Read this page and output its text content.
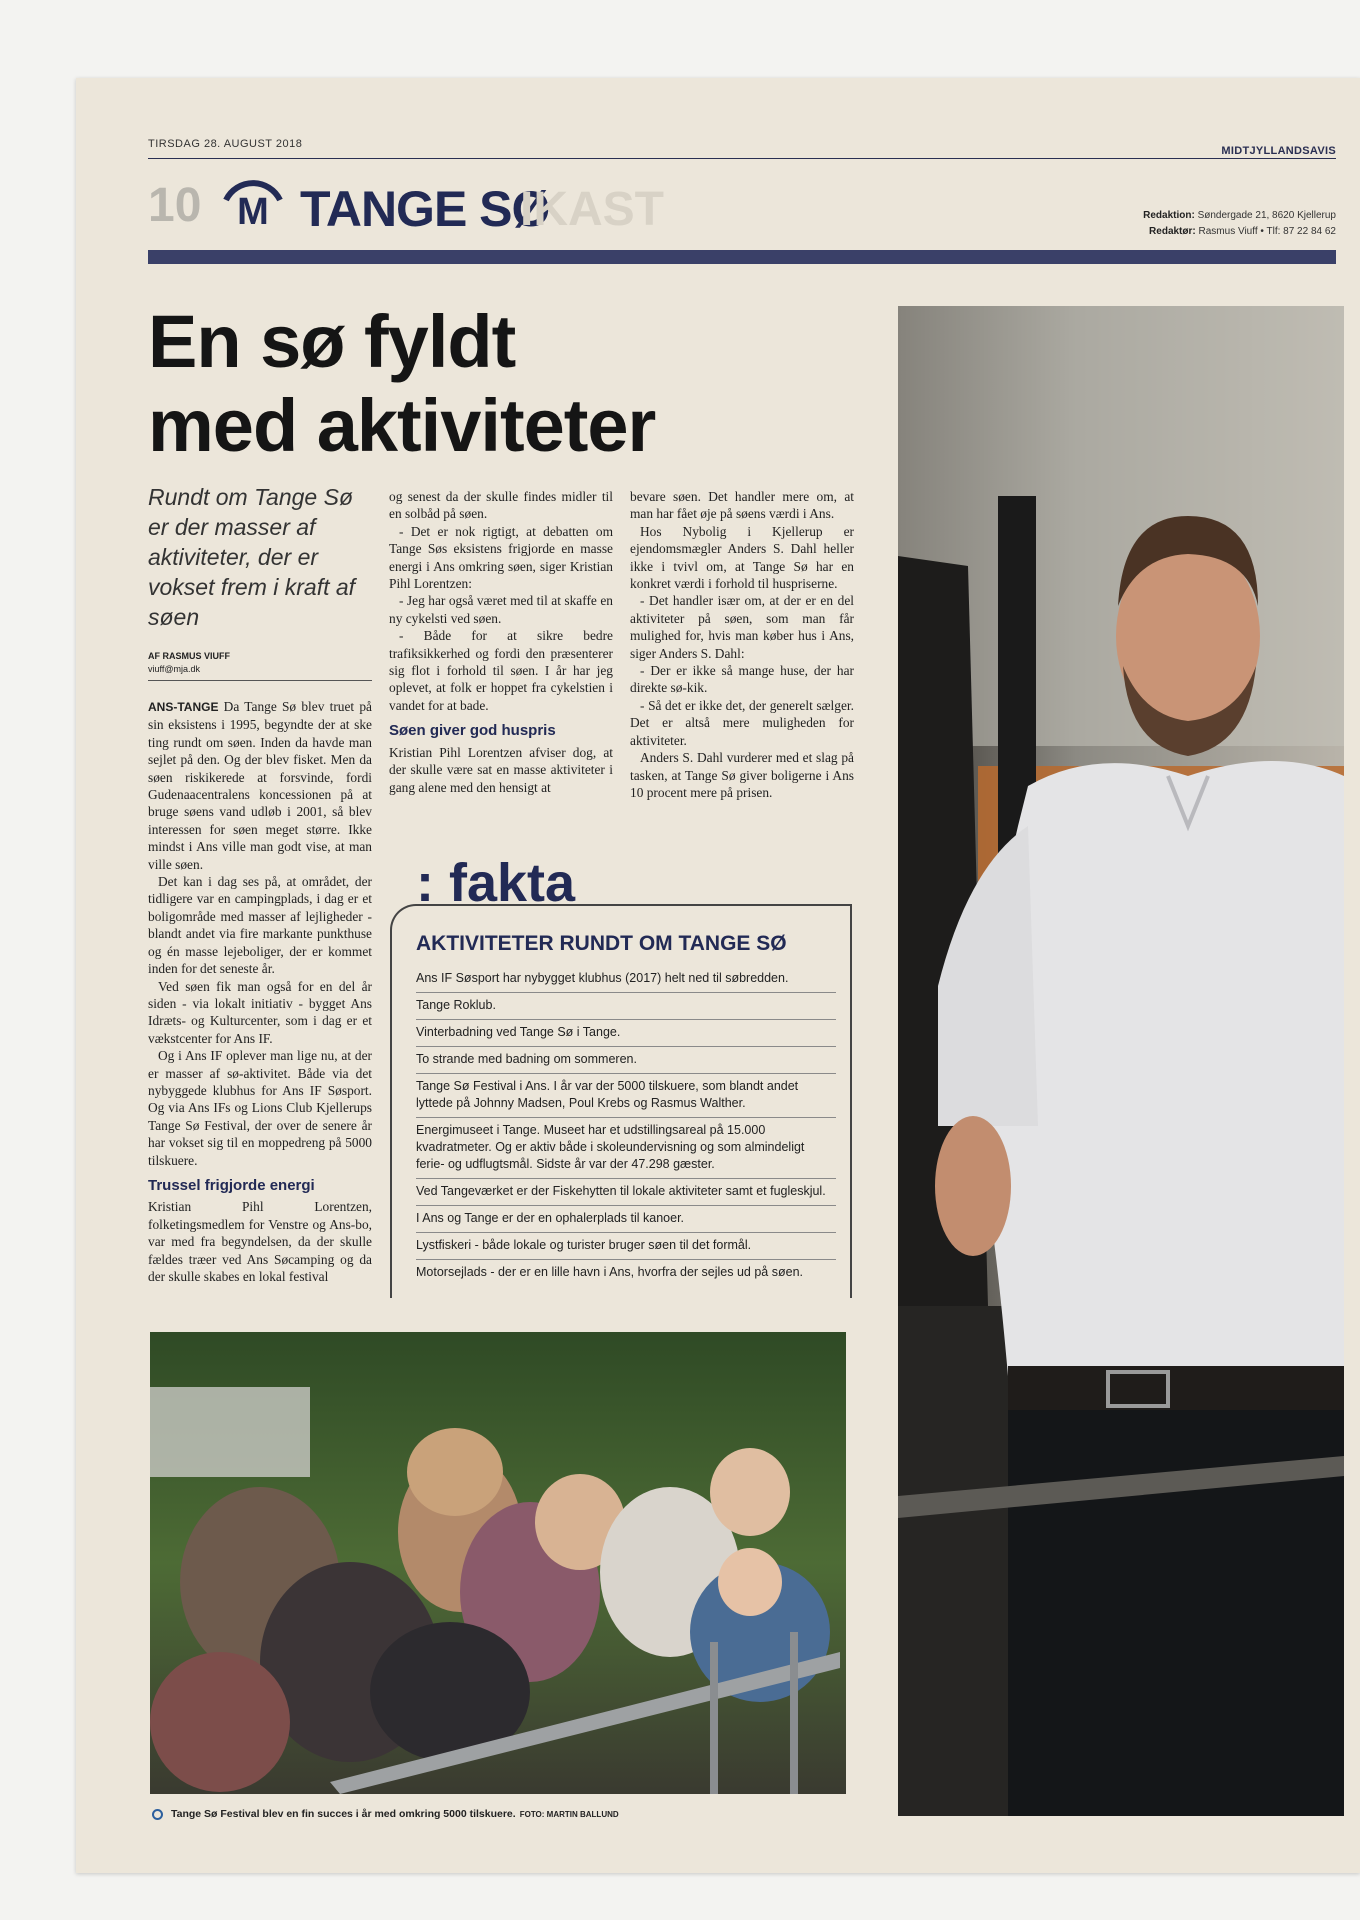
TIRSDAG 28. AUGUST 2018
MIDTJYLLANDSAVIS
10 M TANGE SØ
IKAST	Redaktion: Søndergade 21, 8620 Kjellerup
Redaktør: Rasmus Viuff • Tlf: 87 22 84 62
En sø fyldt
med aktiviteter
Rundt om Tange Sø er der masser af aktiviteter, der er vokset frem i kraft af søen
AF RASMUS VIUFF
viuff@mja.dk

ANS-TANGE Da Tange Sø blev truet på sin eksistens i 1995, begyndte der at ske ting rundt om søen. Inden da havde man sejlet på den. Og der blev fisket. Men da søen riskikerede at forsvinde, fordi Gudenaacentralens koncessionen på at bruge søens vand udløb i 2001, så blev interessen for søen meget større. Ikke mindst i Ans ville man godt vise, at man ville søen.

Det kan i dag ses på, at området, der tidligere var en campingplads, i dag er et boligområde med masser af lejligheder - blandt andet via fire markante punkthuse og én masse lejeboliger, der er kommet inden for det seneste år.

Ved søen fik man også for en del år siden - via lokalt initiativ - bygget Ans Idræts- og Kulturcenter, som i dag er et vækstcenter for Ans IF.

Og i Ans IF oplever man lige nu, at der er masser af sø-aktivitet. Både via det nybyggede klubhus for Ans IF Søsport. Og via Ans IFs og Lions Club Kjellerups Tange Sø Festival, der over de senere år har vokset sig til en moppedreng på 5000 tilskuere.

Trussel frigjorde energi

Kristian Pihl Lorentzen, folketingsmedlem for Venstre og Ans-bo, var med fra begyndelsen, da der skulle fældes træer ved Ans Søcamping og da der skulle skabes en lokal festival

og senest da der skulle findes midler til en solbåd på søen.

- Det er nok rigtigt, at debatten om Tange Søs eksistens frigjorde en masse energi i Ans omkring søen, siger Kristian Pihl Lorentzen:

- Jeg har også været med til at skaffe en ny cykelsti ved søen.

- Både for at sikre bedre trafiksikkerhed og fordi den præsenterer sig flot i forhold til søen. I år har jeg oplevet, at folk er hoppet fra cykelstien i vandet for at bade.

Søen giver god huspris

Kristian Pihl Lorentzen afviser dog, at der skulle være sat en masse aktiviteter i gang alene med den hensigt at

bevare søen. Det handler mere om, at man har fået øje på søens værdi i Ans.

Hos Nybolig i Kjellerup er ejendomsmægler Anders S. Dahl heller ikke i tvivl om, at Tange Sø har en konkret værdi i forhold til huspriserne.

- Det handler især om, at der er en del aktiviteter på søen, som man får mulighed for, hvis man køber hus i Ans, siger Anders S. Dahl:

- Der er ikke så mange huse, der har direkte sø-kik.

- Så det er ikke det, der generelt sælger. Det er altså mere muligheden for aktiviteter.

Anders S. Dahl vurderer med et slag på tasken, at Tange Sø giver boligerne i Ans 10 procent mere på prisen.

: fakta
AKTIVITETER RUNDT OM TANGE SØ
Ans IF Søsport har nybygget klubhus (2017) helt ned til søbredden.
Tange Roklub.
Vinterbadning ved Tange Sø i Tange.
To strande med badning om sommeren.
Tange Sø Festival i Ans. I år var der 5000 tilskuere, som blandt andet lyttede på Johnny Madsen, Poul Krebs og Rasmus Walther.
Energimuseet i Tange. Museet har et udstillingsareal på 15.000 kvadratmeter. Og er aktiv både i skoleundervisning og som almindeligt ferie- og udflugtsmål. Sidste år var der 47.298 gæster.
Ved Tangeværket er der Fiskehytten til lokale aktiviteter samt et fugleskjul.
I Ans og Tange er der en ophalerplads til kanoer.
Lystfiskeri - både lokale og turister bruger søen til det formål.
Motorsejlads - der er en lille havn i Ans, hvorfra der sejles ud på søen.
Tange Sø Festival blev en fin succes i år med omkring 5000 tilskuere. FOTO: MARTIN BALLUND
